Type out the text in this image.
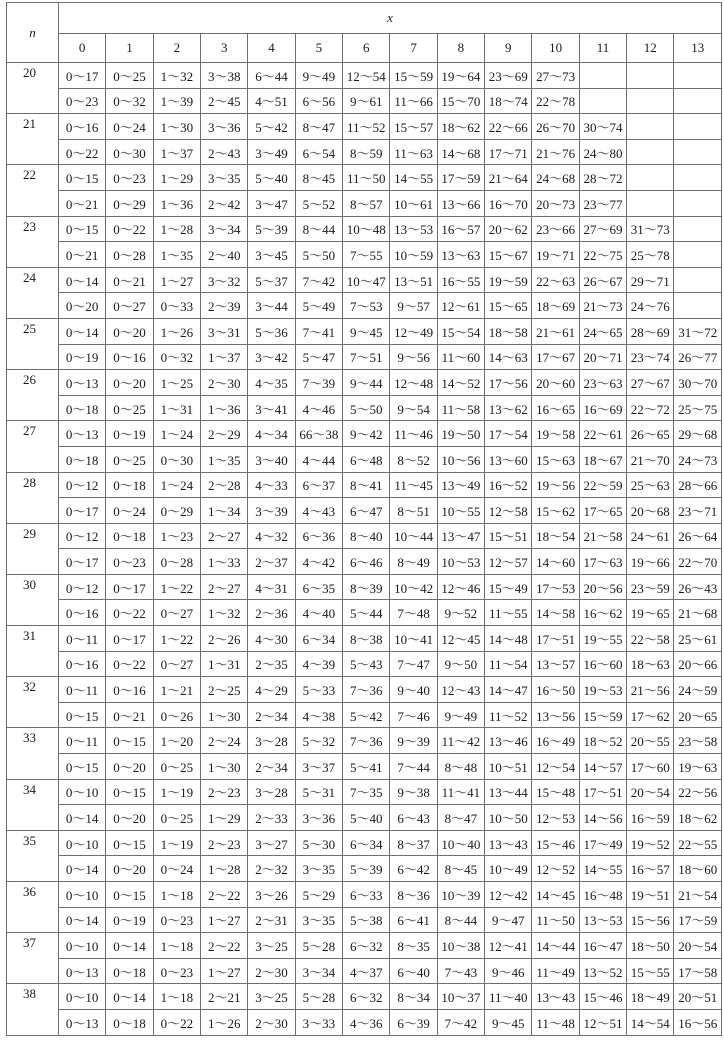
n	x													
	0	1	2	3	4	5	6	7	8	9	10	11	12	13
20	0～17	0～25	1～32	3～38	6～44	9～49	12～54	15～59	19～64	23～69	27～73			
	0～23	0～32	1～39	2～45	4～51	6～56	9～61	11～66	15～70	18～74	22～78			
21	0～16	0～24	1～30	3～36	5～42	8～47	11～52	15～57	18～62	22～66	26～70	30～74		
	0～22	0～30	1～37	2～43	3～49	6～54	8～59	11～63	14～68	17～71	21～76	24～80		
22	0～15	0～23	1～29	3～35	5～40	8～45	11～50	14～55	17～59	21～64	24～68	28～72		
	0～21	0～29	1～36	2～42	3～47	5～52	8～57	10～61	13～66	16～70	20～73	23～77		
23	0～15	0～22	1～28	3～34	5～39	8～44	10～48	13～53	16～57	20～62	23～66	27～69	31～73	
	0～21	0～28	1～35	2～40	3～45	5～50	7～55	10～59	13～63	15～67	19～71	22～75	25～78	
24	0～14	0～21	1～27	3～32	5～37	7～42	10～47	13～51	16～55	19～59	22～63	26～67	29～71	
	0～20	0～27	0～33	2～39	3～44	5～49	7～53	9～57	12～61	15～65	18～69	21～73	24～76	
25	0～14	0～20	1～26	3～31	5～36	7～41	9～45	12～49	15～54	18～58	21～61	24～65	28～69	31～72
	0～19	0～16	0～32	1～37	3～42	5～47	7～51	9～56	11～60	14～63	17～67	20～71	23～74	26～77
26	0～13	0～20	1～25	2～30	4～35	7～39	9～44	12～48	14～52	17～56	20～60	23～63	27～67	30～70
	0～18	0～25	1～31	1～36	3～41	4～46	5～50	9～54	11～58	13～62	16～65	16～69	22～72	25～75
27	0～13	0～19	1～24	2～29	4～34	66～38	9～42	11～46	19～50	17～54	19～58	22～61	26～65	29～68
	0～18	0～25	0～30	1～35	3～40	4～44	6～48	8～52	10～56	13～60	15～63	18～67	21～70	24～73
28	0～12	0～18	1～24	2～28	4～33	6～37	8～41	11～45	13～49	16～52	19～56	22～59	25～63	28～66
	0～17	0～24	0～29	1～34	3～39	4～43	6～47	8～51	10～55	12～58	15～62	17～65	20～68	23～71
29	0～12	0～18	1～23	2～27	4～32	6～36	8～40	10～44	13～47	15～51	18～54	21～58	24～61	26～64
	0～17	0～23	0～28	1～33	2～37	4～42	6～46	8～49	10～53	12～57	14～60	17～63	19～66	22～70
30	0～12	0～17	1～22	2～27	4～31	6～35	8～39	10～42	12～46	15～49	17～53	20～56	23～59	26～43
	0～16	0～22	0～27	1～32	2～36	4～40	5～44	7～48	9～52	11～55	14～58	16～62	19～65	21～68
31	0～11	0～17	1～22	2～26	4～30	6～34	8～38	10～41	12～45	14～48	17～51	19～55	22～58	25～61
	0～16	0～22	0～27	1～31	2～35	4～39	5～43	7～47	9～50	11～54	13～57	16～60	18～63	20～66
32	0～11	0～16	1～21	2～25	4～29	5～33	7～36	9～40	12～43	14～47	16～50	19～53	21～56	24～59
	0～15	0～21	0～26	1～30	2～34	4～38	5～42	7～46	9～49	11～52	13～56	15～59	17～62	20～65
33	0～11	0～15	1～20	2～24	3～28	5～32	7～36	9～39	11～42	13～46	16～49	18～52	20～55	23～58
	0～15	0～20	0～25	1～30	2～34	3～37	5～41	7～44	8～48	10～51	12～54	14～57	17～60	19～63
34	0～10	0～15	1～19	2～23	3～28	5～31	7～35	9～38	11～41	13～44	15～48	17～51	20～54	22～56
	0～14	0～20	0～25	1～29	2～33	3～36	5～40	6～43	8～47	10～50	12～53	14～56	16～59	18～62
35	0～10	0～15	1～19	2～23	3～27	5～30	6～34	8～37	10～40	13～43	15～46	17～49	19～52	22～55
	0～14	0～20	0～24	1～28	2～32	3～35	5～39	6～42	8～45	10～49	12～52	14～55	16～57	18～60
36	0～10	0～15	1～18	2～22	3～26	5～29	6～33	8～36	10～39	12～42	14～45	16～48	19～51	21～54
	0～14	0～19	0～23	1～27	2～31	3～35	5～38	6～41	8～44	9～47	11～50	13～53	15～56	17～59
37	0～10	0～14	1～18	2～22	3～25	5～28	6～32	8～35	10～38	12～41	14～44	16～47	18～50	20～54
	0～13	0～18	0～23	1～27	2～30	3～34	4～37	6～40	7～43	9～46	11～49	13～52	15～55	17～58
38	0～10	0～14	1～18	2～21	3～25	5～28	6～32	8～34	10～37	11～40	13～43	15～46	18～49	20～51
	0～13	0～18	0～22	1～26	2～30	3～33	4～36	6～39	7～42	9～45	11～48	12～51	14～54	16～56
